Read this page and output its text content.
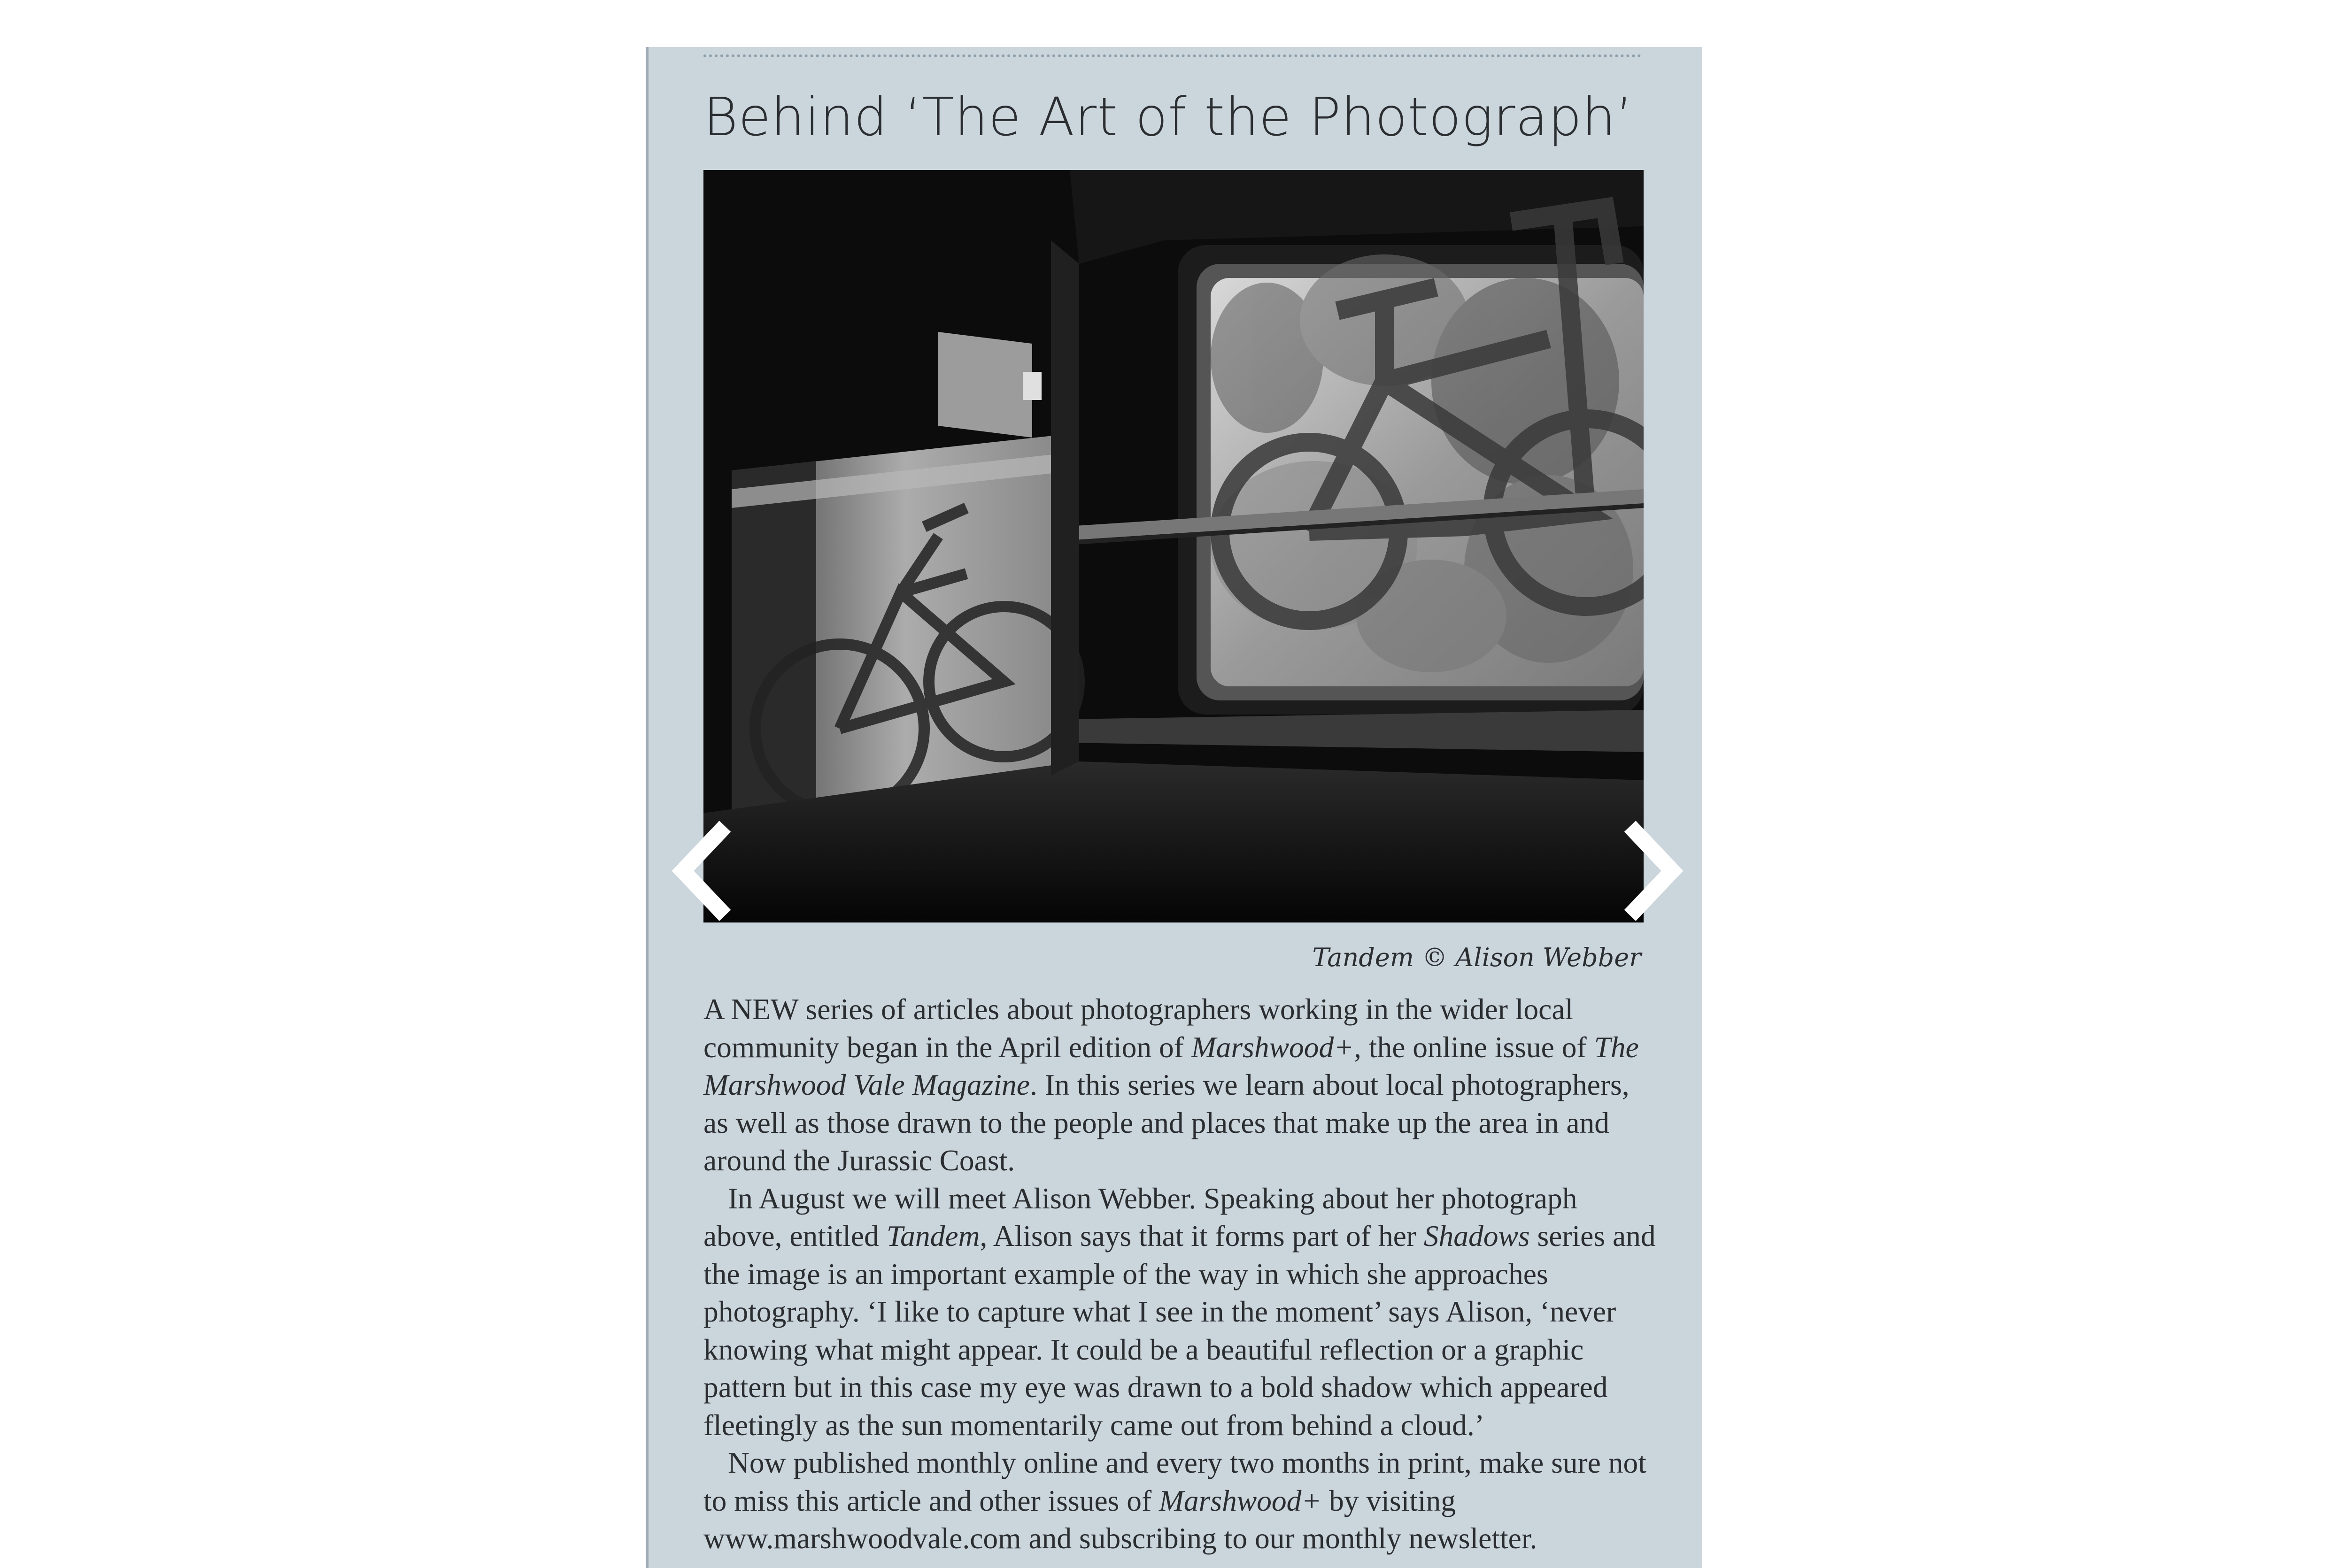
Behind ‘The Art of the Photograph’
Tandem © Alison Webber

A NEW series of articles about photographers working in the wider local community began in the April edition of Marshwood+, the online issue of The Marshwood Vale Magazine. In this series we learn about local photographers, as well as those drawn to the people and places that make up the area in and around the Jurassic Coast.

In August we will meet Alison Webber. Speaking about her photograph above, entitled Tandem, Alison says that it forms part of her Shadows series and the image is an important example of the way in which she approaches photography. ‘I like to capture what I see in the moment’ says Alison, ‘never knowing what might appear. It could be a beautiful reflection or a graphic pattern but in this case my eye was drawn to a bold shadow which appeared fleetingly as the sun momentarily came out from behind a cloud.’

Now published monthly online and every two months in print, make sure not to miss this article and other issues of Marshwood+ by visiting www.marshwoodvale.com and subscribing to our monthly newsletter.
